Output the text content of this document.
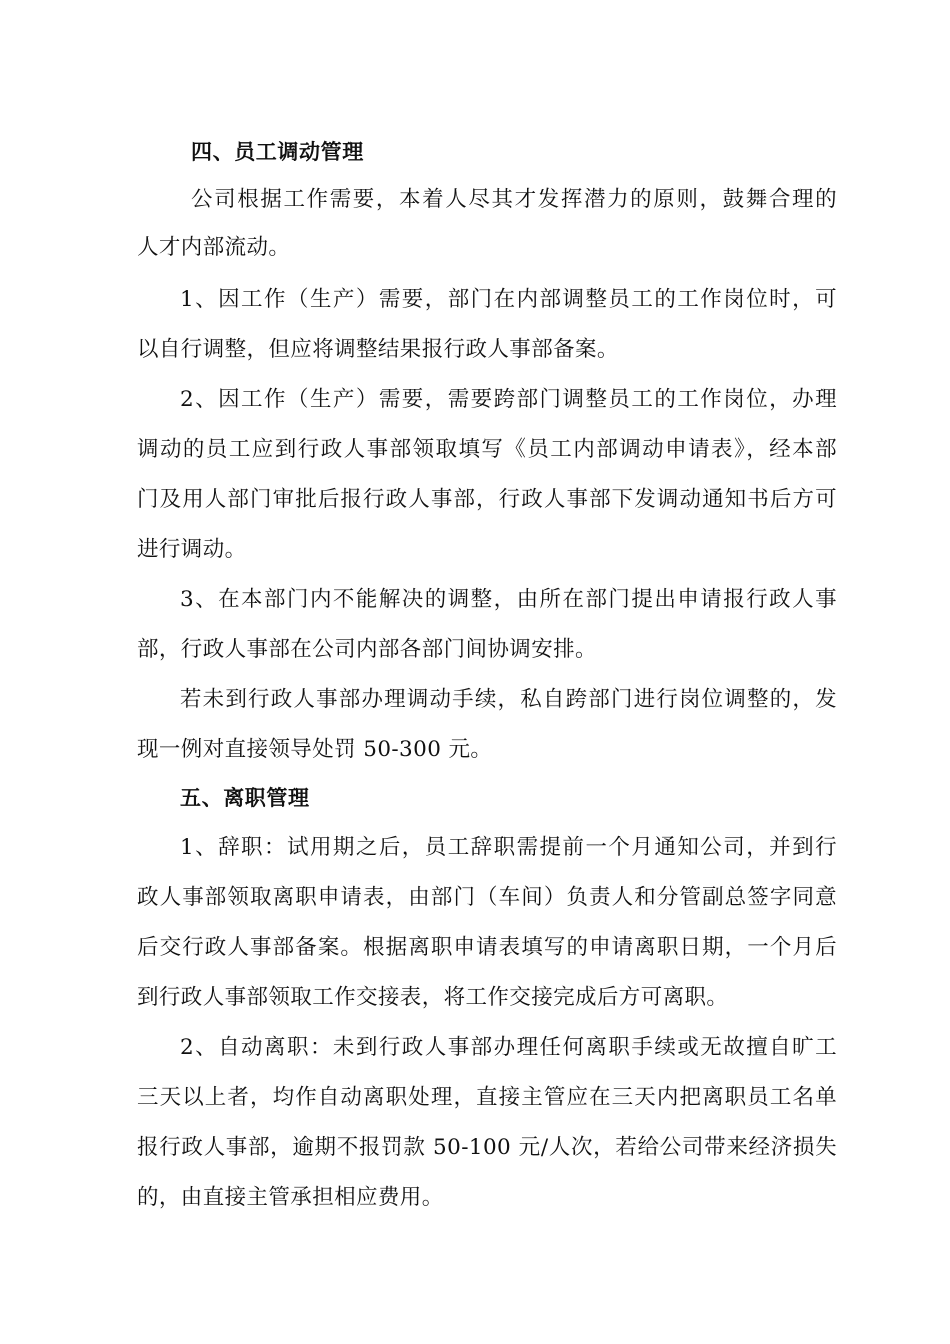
四、员工调动管理
公司根据工作需要，本着人尽其才发挥潜力的原则，鼓舞合理的
人才内部流动。
1、因工作（生产）需要，部门在内部调整员工的工作岗位时，可
以自行调整，但应将调整结果报行政人事部备案。
2、因工作（生产）需要，需要跨部门调整员工的工作岗位，办理
调动的员工应到行政人事部领取填写《员工内部调动申请表》，经本部
门及用人部门审批后报行政人事部，行政人事部下发调动通知书后方可
进行调动。
3、在本部门内不能解决的调整，由所在部门提出申请报行政人事
部，行政人事部在公司内部各部门间协调安排。
若未到行政人事部办理调动手续，私自跨部门进行岗位调整的，发
现一例对直接领导处罚 50-300 元。
五、离职管理
1、辞职：试用期之后，员工辞职需提前一个月通知公司，并到行
政人事部领取离职申请表，由部门（车间）负责人和分管副总签字同意
后交行政人事部备案。根据离职申请表填写的申请离职日期，一个月后
到行政人事部领取工作交接表，将工作交接完成后方可离职。
2、自动离职：未到行政人事部办理任何离职手续或无故擅自旷工
三天以上者，均作自动离职处理，直接主管应在三天内把离职员工名单
报行政人事部，逾期不报罚款 50-100 元/人次，若给公司带来经济损失
的，由直接主管承担相应费用。
